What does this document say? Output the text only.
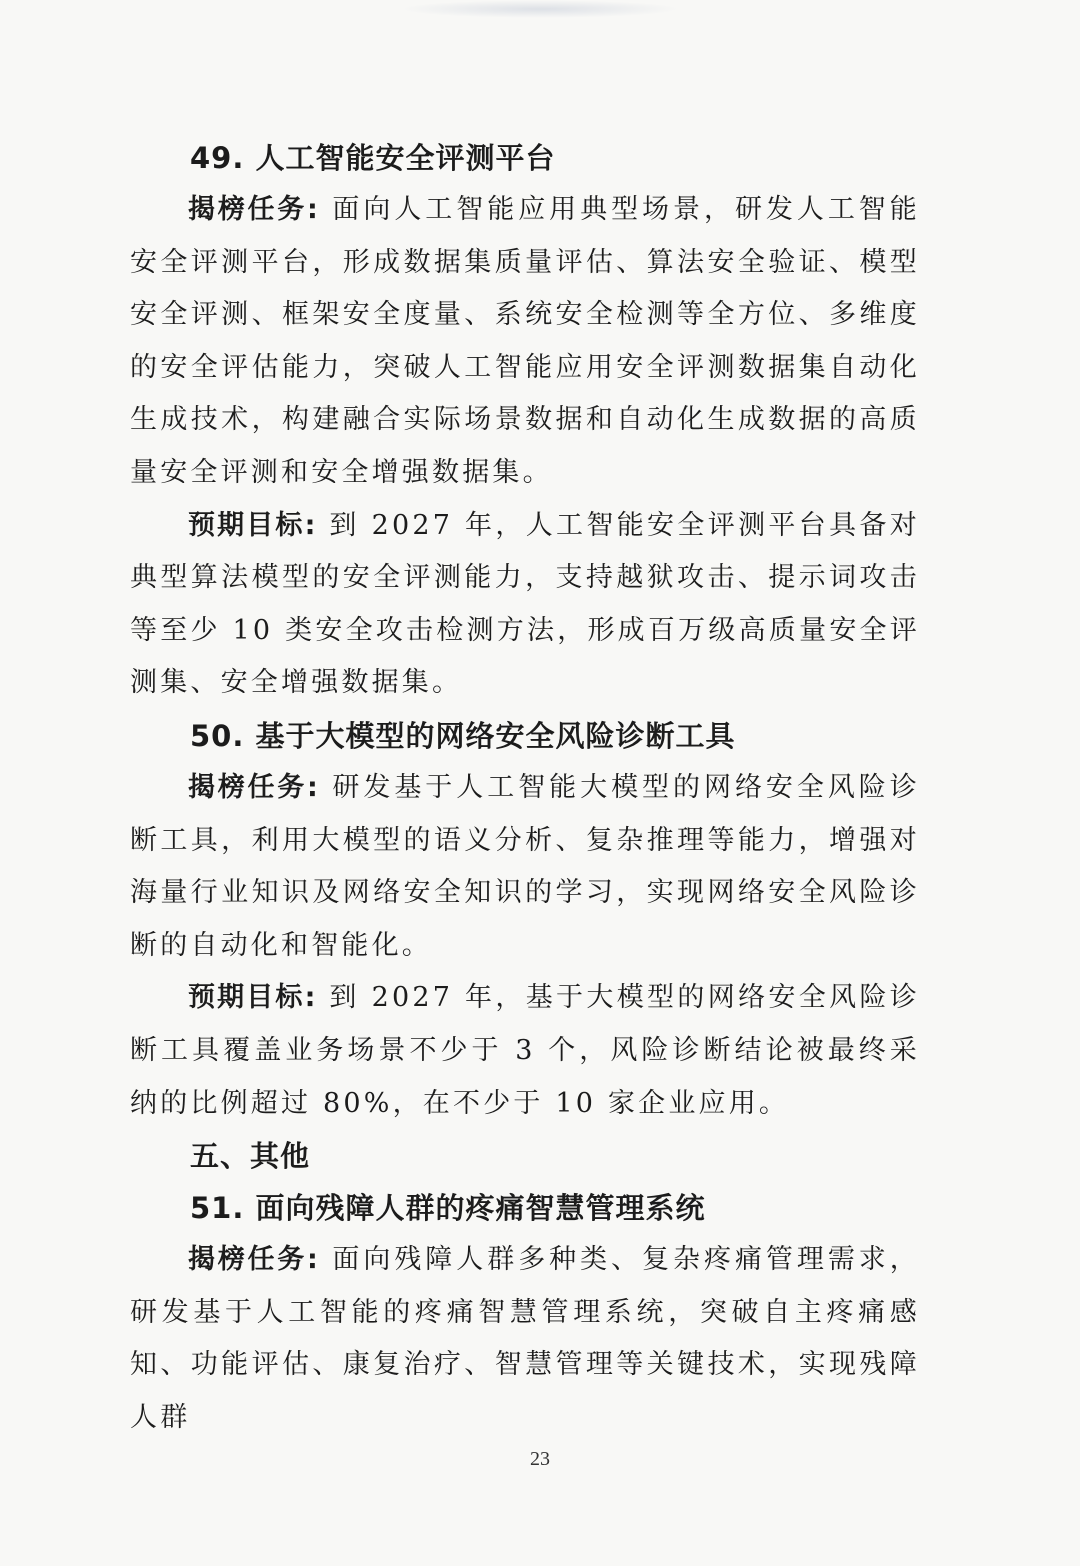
49. 人工智能安全评测平台

揭榜任务: 面向人工智能应用典型场景，研发人工智能安全评测平台，形成数据集质量评估、算法安全验证、模型安全评测、框架安全度量、系统安全检测等全方位、多维度的安全评估能力，突破人工智能应用安全评测数据集自动化生成技术，构建融合实际场景数据和自动化生成数据的高质量安全评测和安全增强数据集。

预期目标: 到 2027 年，人工智能安全评测平台具备对典型算法模型的安全评测能力，支持越狱攻击、提示词攻击等至少 10 类安全攻击检测方法，形成百万级高质量安全评测集、安全增强数据集。

50. 基于大模型的网络安全风险诊断工具

揭榜任务: 研发基于人工智能大模型的网络安全风险诊断工具，利用大模型的语义分析、复杂推理等能力，增强对海量行业知识及网络安全知识的学习，实现网络安全风险诊断的自动化和智能化。

预期目标: 到 2027 年，基于大模型的网络安全风险诊断工具覆盖业务场景不少于 3 个，风险诊断结论被最终采纳的比例超过 80%，在不少于 10 家企业应用。

五、其他
51. 面向残障人群的疼痛智慧管理系统

揭榜任务: 面向残障人群多种类、复杂疼痛管理需求，研发基于人工智能的疼痛智慧管理系统，突破自主疼痛感知、功能评估、康复治疗、智慧管理等关键技术，实现残障人群

23
